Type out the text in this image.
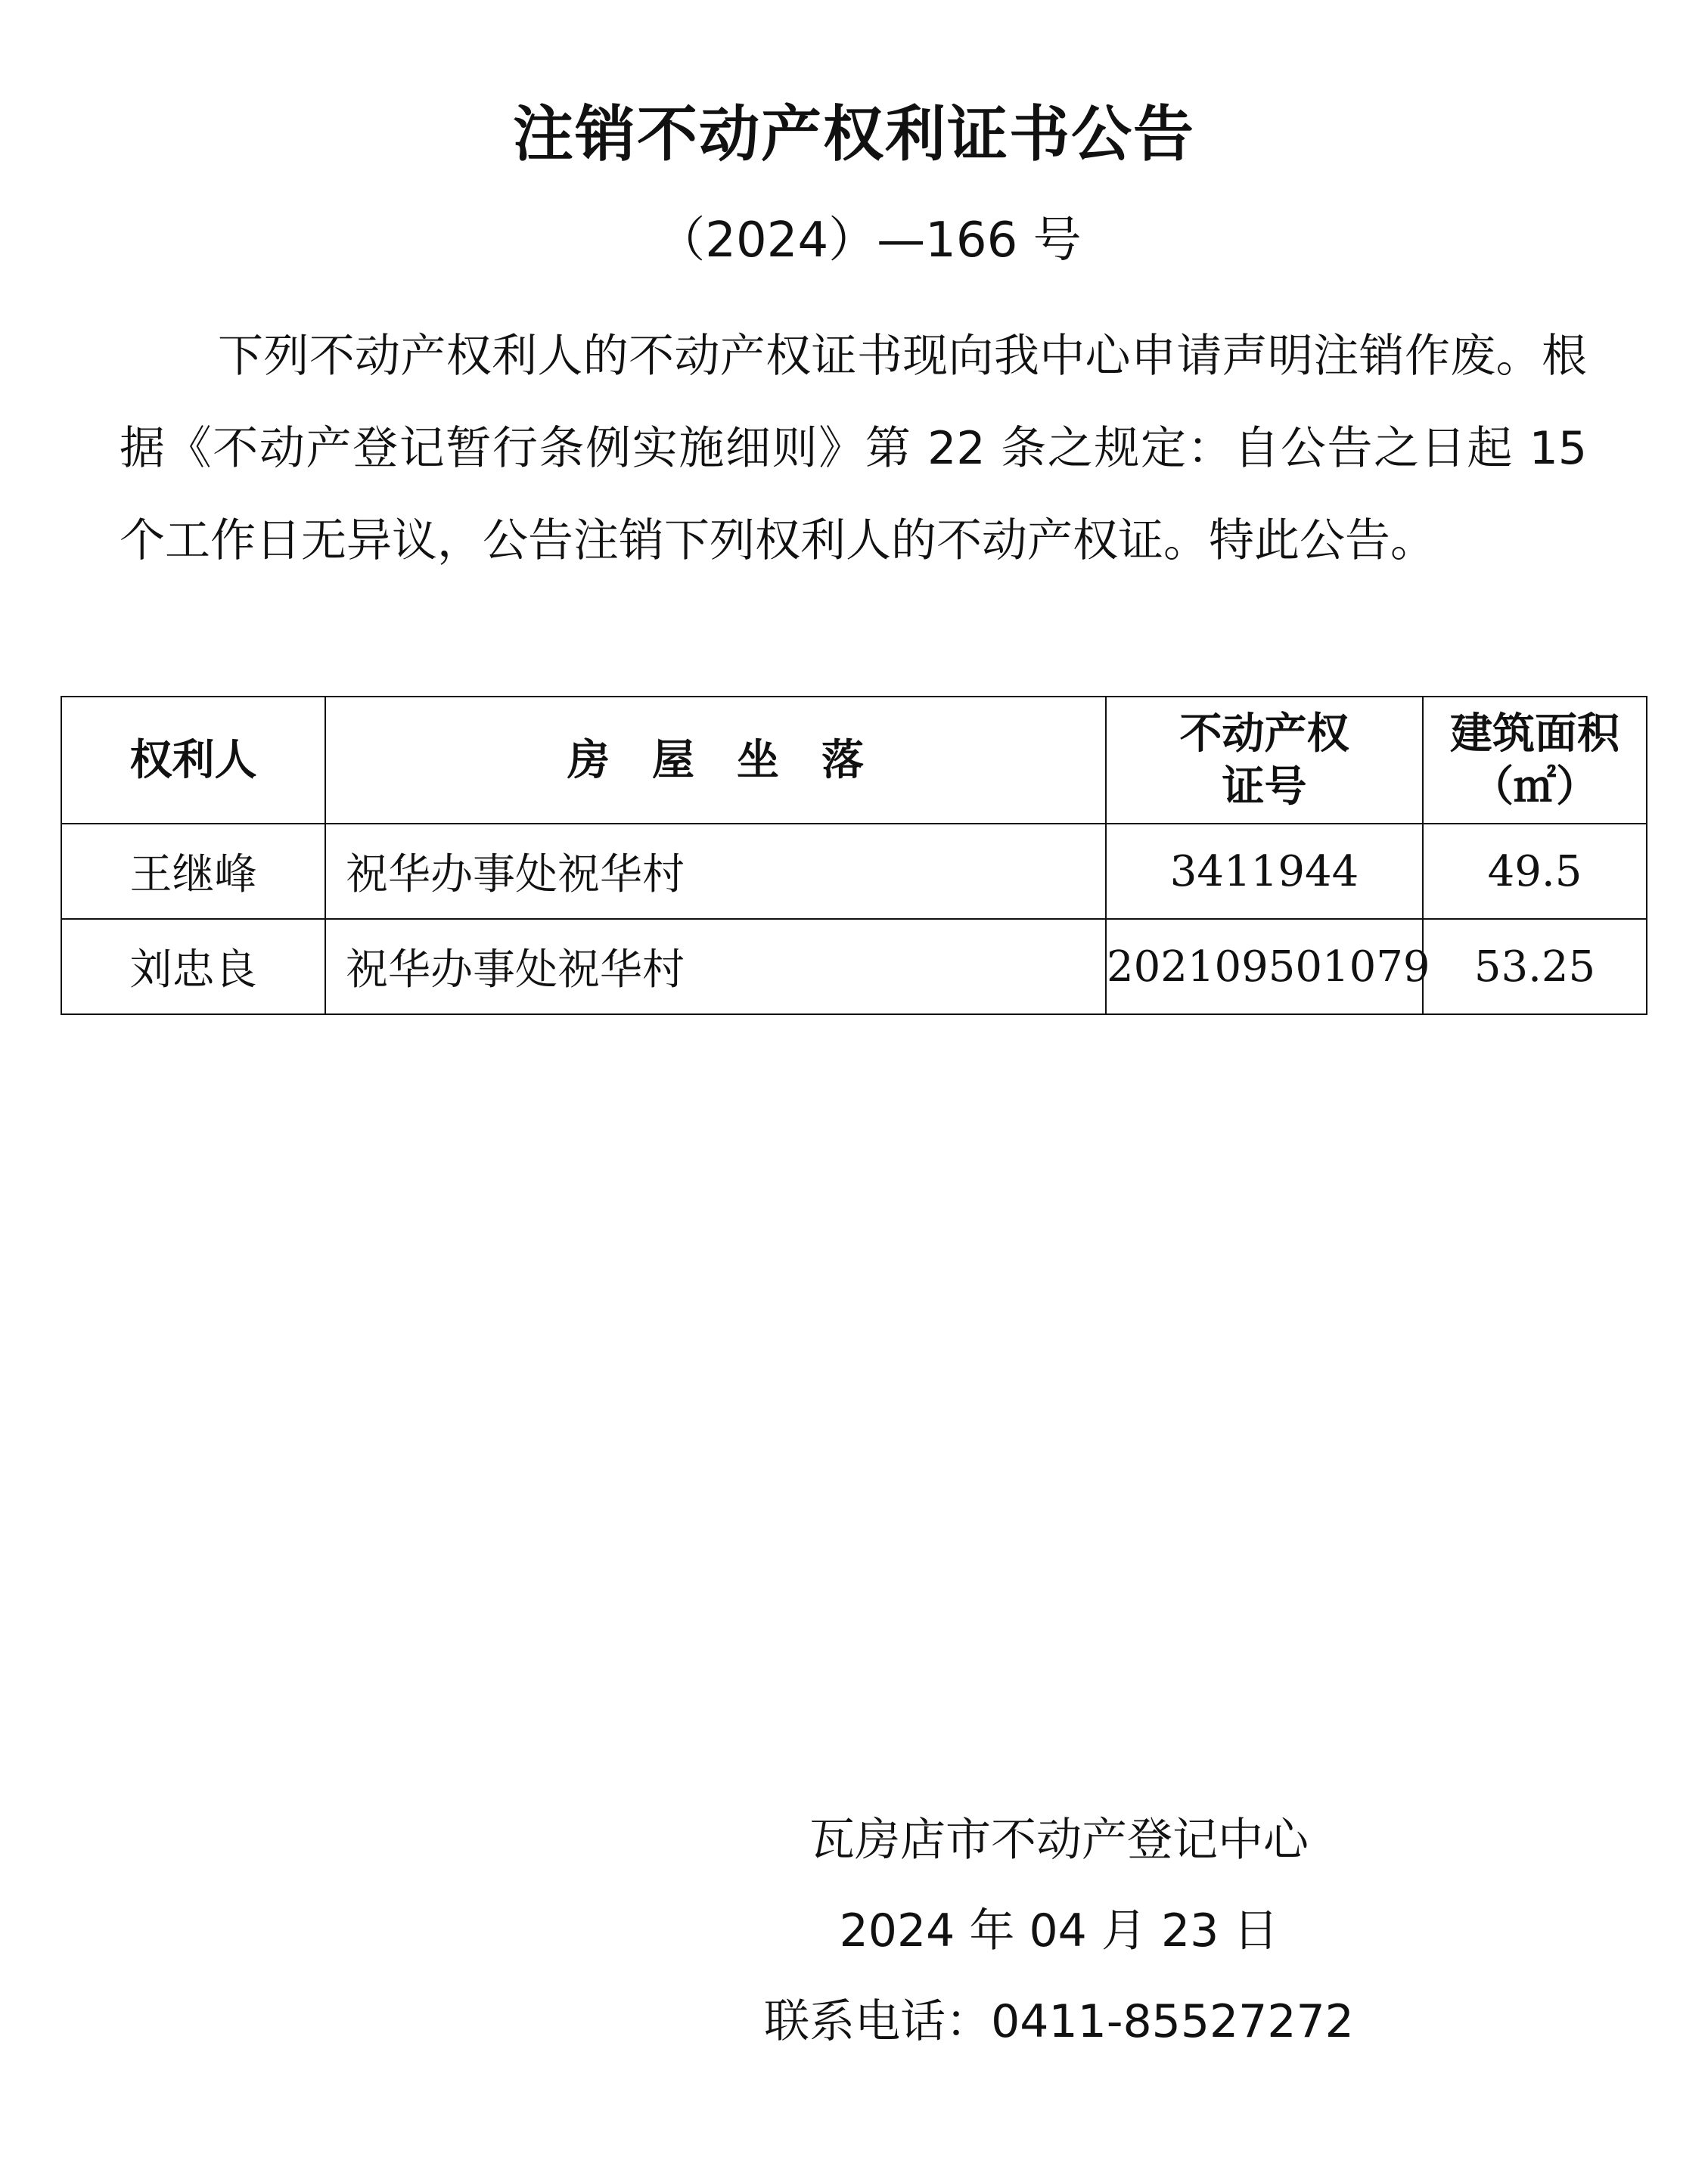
注销不动产权利证书公告
（2024）—166 号

下列不动产权利人的不动产权证书现向我中心申请声明注销作废。根据《不动产登记暂行条例实施细则》第 22 条之规定：自公告之日起 15 个工作日无异议，公告注销下列权利人的不动产权证。特此公告。

权利人	房　屋　坐　落	不动产权证号	建筑面积（㎡）
王继峰	祝华办事处祝华村	3411944	49.5
刘忠良	祝华办事处祝华村	202109501079	53.25
瓦房店市不动产登记中心
2024 年 04 月 23 日
联系电话：0411-85527272
